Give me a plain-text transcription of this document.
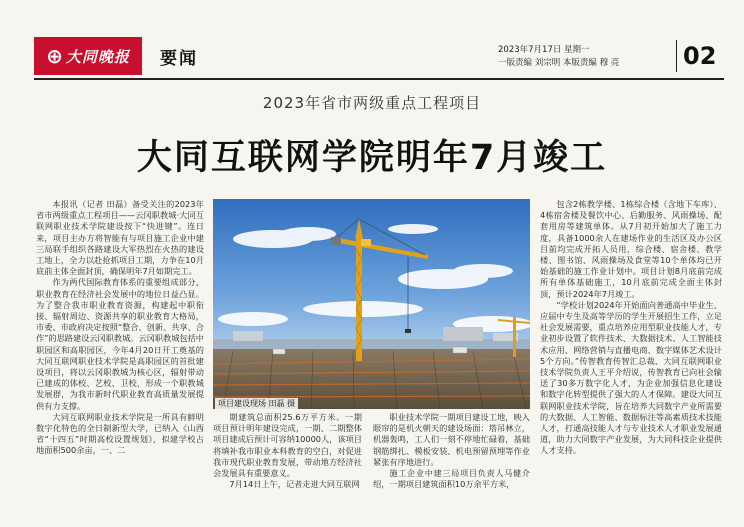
⊕ 大同晚报 要闻	2023年7月17日 星期一
一版责编 刘宗明 本版责编 穆 亮	02
2023年省市两级重点工程项目
大同互联网学院明年7月竣工

本报讯（记者 田磊）备受关注的2023年省市两级重点工程项目——云冈职教城·大同互联网职业技术学院建设按下“快进键”。连日来，项目主办方将智能有与项目施工企业中建三局联手组织各路建设大军热烈在火热的建设工地上，全力以赴抢抓项目工期，力争在10月底前主体全面封顶，确保明年7月如期完工。

作为两代国际教育体系的重要组成部分，职业教育在经济社会发展中的地位日益凸显。为了整合我市职业教育资源，构建起中职衔接、辐射周边、资源共享的职业教育大格局，市委、市政府决定按照“整合、创新、共享、合作”的思路建设云冈职教城。云冈职教城包括中职园区和高职园区，今年4月20日开工奠基的大同互联网职业技术学院是高职园区的首批建设项目，将以云冈职教城为核心区，辐射带动已建成的体校、艺校、卫校，形成一个职教城发展群，为我市新时代职业教育高质量发展提供有力支撑。

大同互联网职业技术学院是一所具有鲜明数字化特色的全日制新型大学，已纳入《山西省“十四五”时期高校设置规划》，拟建学校占地面积500余亩，一、二

项目建设现场 田磊 摄

期建筑总面积25.6万平方米。一期项目预计明年建设完成，一期、二期整体项目建成后预计可容纳10000人，该项目将填补我市职业本科教育的空白，对促进我市现代职业教育发展，带动地方经济社会发展具有重要意义。

7月14日上午，记者走进大同互联网

职业技术学院一期项目建设工地，映入眼帘的是机火朝天的建设场面：塔吊林立，机器轰鸣，工人们一刻不停地忙碌着，基础钢筋绑扎、模板安装、机电预留预埋等作业紧张有序地进行。

施工企业中建三局项目负责人马健介绍，一期项目建筑面积10万余平方米，

包含2栋教学楼、1栋综合楼（含地下车库）、4栋宿舍楼及餐饮中心、后勤服务、风雨操场、配套用房等建筑单体。从7月初开始加大了施工力度，具备1000余人在建场作业的生活区及办公区目前均完成开拓人员用，综合楼、宿舍楼、教学楼、图书馆、风雨操场及食堂等10个单体均已开始基础的施工作业计划中。项目计划8月底前完成所有单体基础施工，10月底前完成全面主体封顶，预计2024年7月竣工。

“学校计划2024年开始面向普通高中毕业生、应届中专生及高等学历的学生开展招生工作，立足社会发展需要，重点培养应用型职业技能人才，专业初步设置了软件技术、大数据技术、人工智能技术应用、网络营销与直播电商、数字媒体艺术设计5个方向。”传智教育传智汇总裁、大同互联网职业技术学院负责人王平介绍说，传智教育已向社会输送了30多万数字化人才，为企业加强信息化建设和数字化转型提供了强大的人才保障。建设大同互联网职业技术学院，旨在培养大同数字产业所需要的大数据、人工智能、数据标注等高素质技术技能人才，打通高技能人才与专业技术人才职业发展通道，助力大同数字产业发展，为大同科技企业提供人才支持。
